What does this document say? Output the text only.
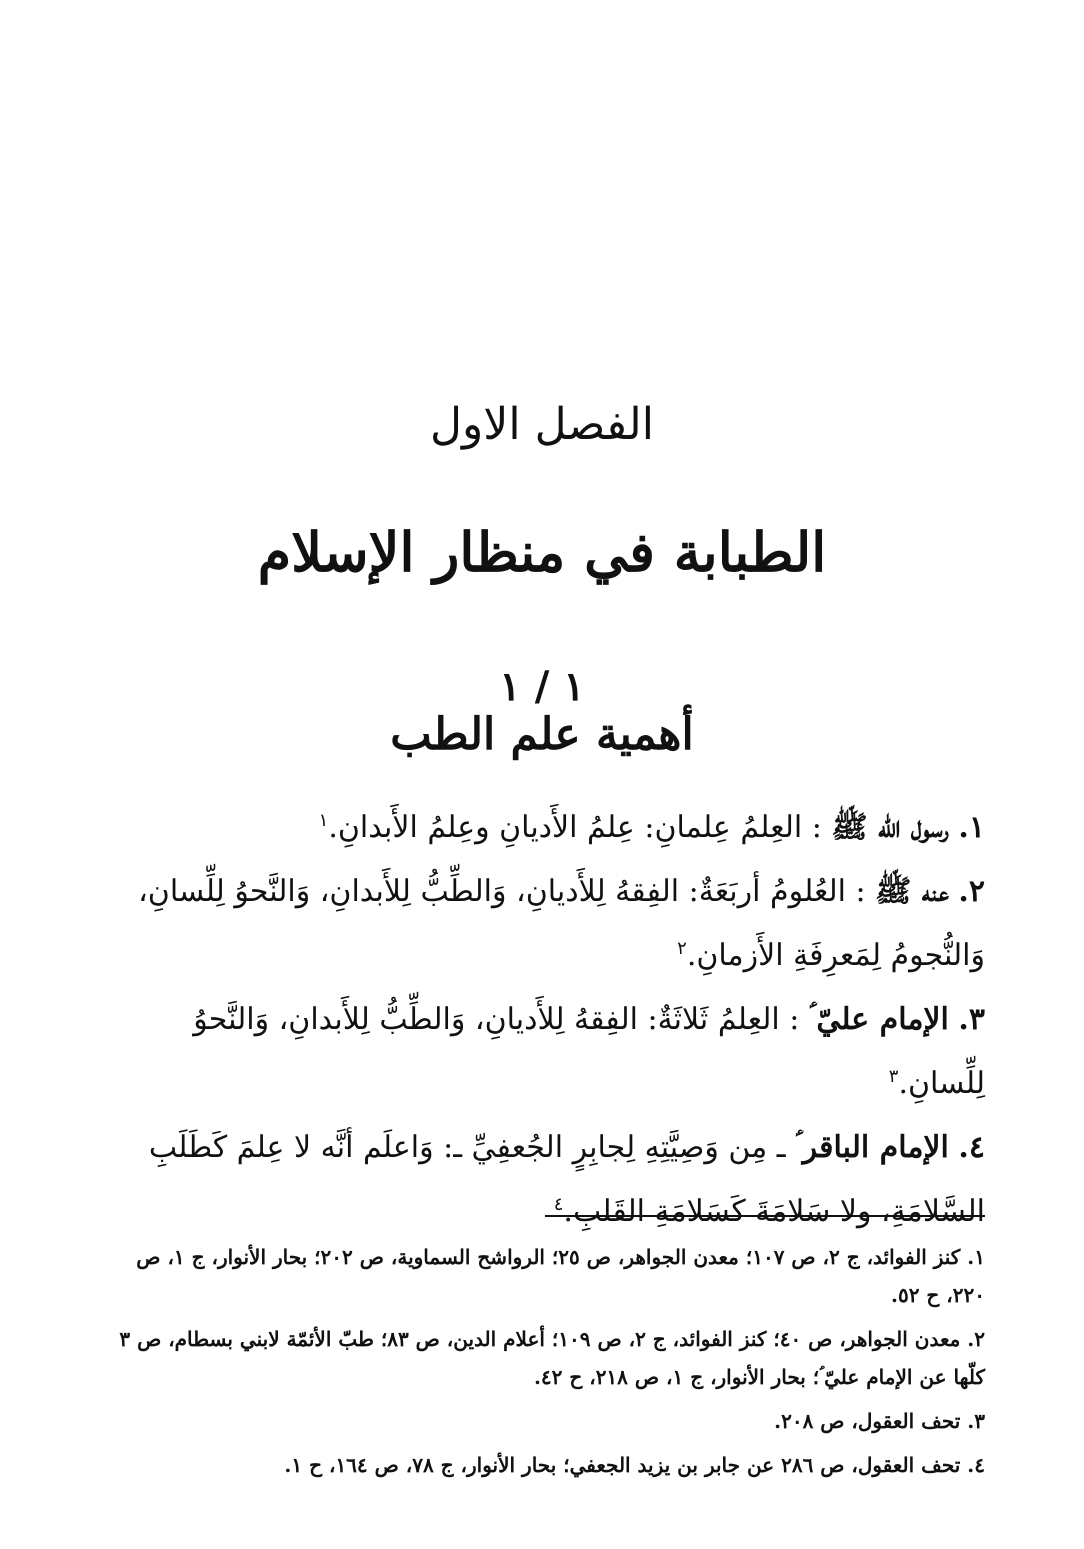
الفصل الاول
الطبابة في منظار الإسلام
١ / ١
أهمية علم الطب

١. رسول الله ﷺ : العِلمُ عِلمانِ: عِلمُ الأَديانِ وعِلمُ الأَبدانِ.$^١$

٢. عنه ﷺ : العُلومُ أربَعَةٌ: الفِقهُ لِلأَديانِ، وَالطِّبُّ لِلأَبدانِ، وَالنَّحوُ لِلِّسانِ، وَالنُّجومُ لِمَعرِفَةِ الأَزمانِ.$^٢$

٣. الإمام عليّ ؑ : العِلمُ ثَلاثَةٌ: الفِقهُ لِلأَديانِ، وَالطِّبُّ لِلأَبدانِ، وَالنَّحوُ لِلِّسانِ.$^٣$

٤. الإمام الباقر ؑ ـ مِن وَصِيَّتِهِ لِجابِرٍ الجُعفِيِّ ـ: وَاعلَم أنَّه لا عِلمَ كَطَلَبِ السَّلامَةِ، ولا سَلامَةَ كَسَلامَةِ القَلبِ.$^٤$

١. كنز الفوائد، ج ٢، ص ١٠٧؛ معدن الجواهر، ص ٢٥؛ الرواشح السماوية، ص ٢٠٢؛ بحار الأنوار، ج ١، ص ٢٢٠، ح ٥٢.

٢. معدن الجواهر، ص ٤٠؛ كنز الفوائد، ج ٢، ص ١٠٩؛ أعلام الدين، ص ٨٣؛ طبّ الأئمّة لابني بسطام، ص ٣ كلّها عن الإمام عليّ ؑ؛ بحار الأنوار، ج ١، ص ٢١٨، ح ٤٢.

٣. تحف العقول، ص ٢٠٨.

٤. تحف العقول، ص ٢٨٦ عن جابر بن يزيد الجعفي؛ بحار الأنوار، ج ٧٨، ص ١٦٤، ح ١.
